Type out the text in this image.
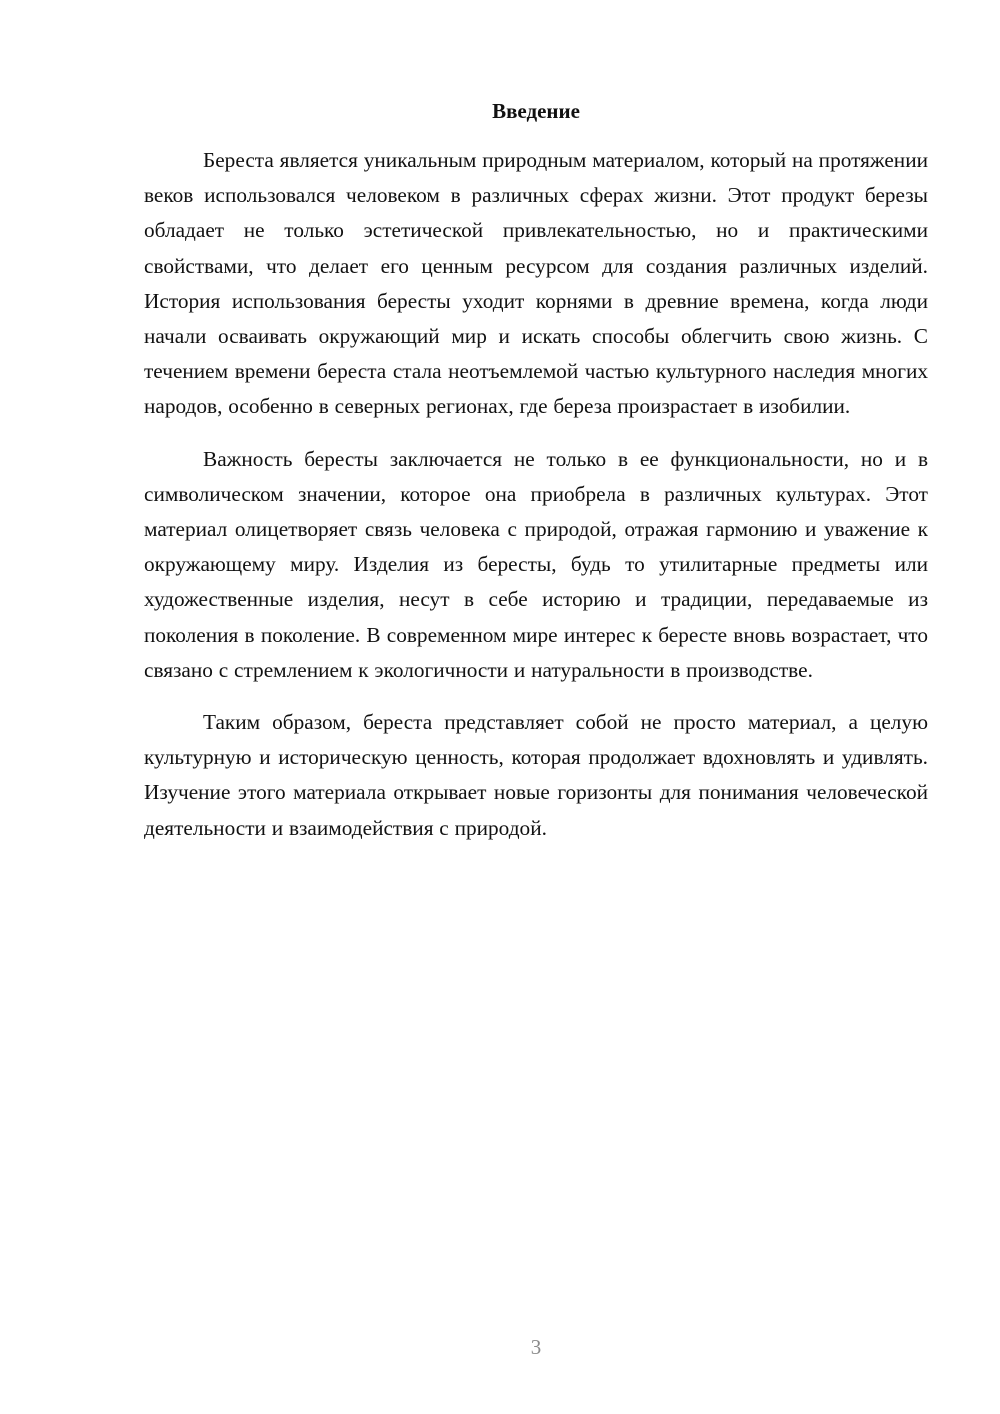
Введение

Береста является уникальным природным материалом, который на протяжении веков использовался человеком в различных сферах жизни. Этот продукт березы обладает не только эстетической привлекательностью, но и практическими свойствами, что делает его ценным ресурсом для создания различных изделий. История использования бересты уходит корнями в древние времена, когда люди начали осваивать окружающий мир и искать способы облегчить свою жизнь. С течением времени береста стала неотъемлемой частью культурного наследия многих народов, особенно в северных регионах, где береза произрастает в изобилии.

Важность бересты заключается не только в ее функциональности, но и в символическом значении, которое она приобрела в различных культурах. Этот материал олицетворяет связь человека с природой, отражая гармонию и уважение к окружающему миру. Изделия из бересты, будь то утилитарные предметы или художественные изделия, несут в себе историю и традиции, передаваемые из поколения в поколение. В современном мире интерес к бересте вновь возрастает, что связано с стремлением к экологичности и натуральности в производстве.

Таким образом, береста представляет собой не просто материал, а целую культурную и историческую ценность, которая продолжает вдохновлять и удивлять. Изучение этого материала открывает новые горизонты для понимания человеческой деятельности и взаимодействия с природой.

3
